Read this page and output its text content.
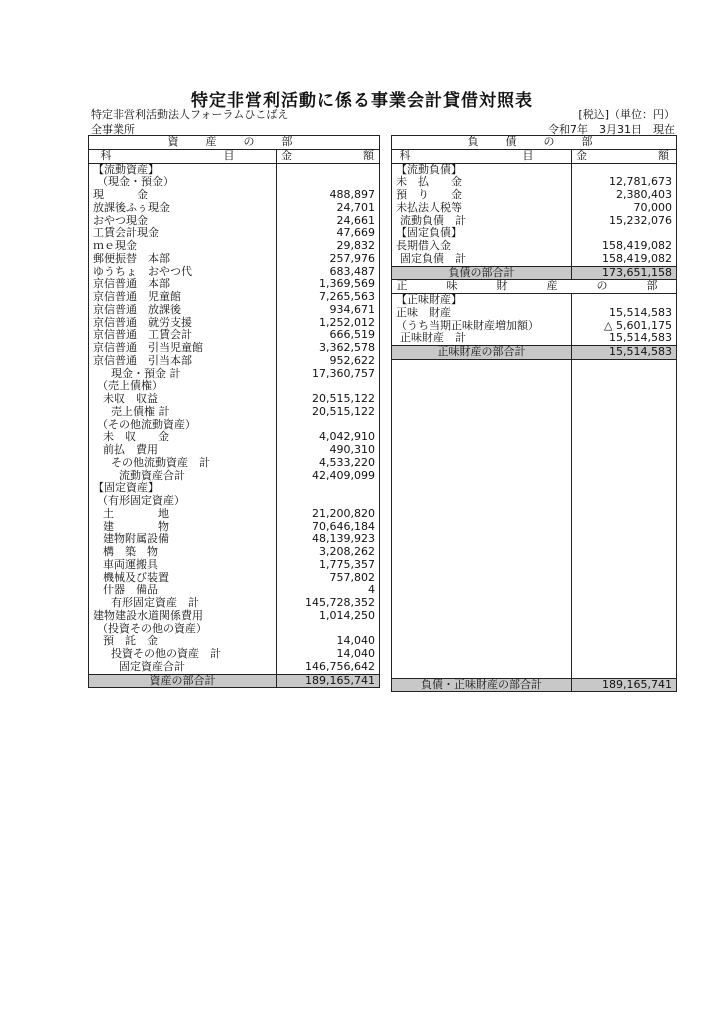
特定非営利活動に係る事業会計貸借対照表
特定非営利活動法人フォーラムひこばえ	[税込]（単位：円）
全事業所	令和7年　3月31日　現在
資　産　の　部	
科　　目	金　額
【流動資産】	
（現金・預金）	
現　　　金	488,897
放課後ふぅ現金	24,701
おやつ現金	24,661
工賃会計現金	47,669
ｍｅ現金	29,832
郵便振替　本部	257,976
ゆうちょ　おやつ代	683,487
京信普通　本部	1,369,569
京信普通　児童館	7,265,563
京信普通　放課後	934,671
京信普通　就労支援	1,252,012
京信普通　工賃会計	666,519
京信普通　引当児童館	3,362,578
京信普通　引当本部	952,622
現金・預金 計	17,360,757
（売上債権）	
未収　収益	20,515,122
売上債権 計	20,515,122
（その他流動資産）	
未　収　　金	4,042,910
前払　費用	490,310
その他流動資産　計	4,533,220
流動資産合計	42,409,099
【固定資産】	
（有形固定資産）	
土　　　　地	21,200,820
建　　　　物	70,646,184
建物附属設備	48,139,923
構　築　物	3,208,262
車両運搬具	1,775,357
機械及び装置	757,802
什器　備品	4
有形固定資産　計	145,728,352
建物建設水道関係費用	1,014,250
（投資その他の資産）	
預　託　金	14,040
投資その他の資産　計	14,040
固定資産合計	146,756,642
資産の部合計	189,165,741
負　債　の　部	
科　　目	金　額
【流動負債】	
未　払　　金	12,781,673
預　り　　金	2,380,403
未払法人税等	70,000
流動負債　計	15,232,076
【固定負債】	
長期借入金	158,419,082
固定負債　計	158,419,082
負債の部合計	173,651,158
正　味　財　産　の　部	
【正味財産】	
正味　財産	15,514,583
（うち当期正味財産増加額）	△ 5,601,175
正味財産　計	15,514,583
正味財産の部合計	15,514,583

負債・正味財産の部合計	189,165,741
